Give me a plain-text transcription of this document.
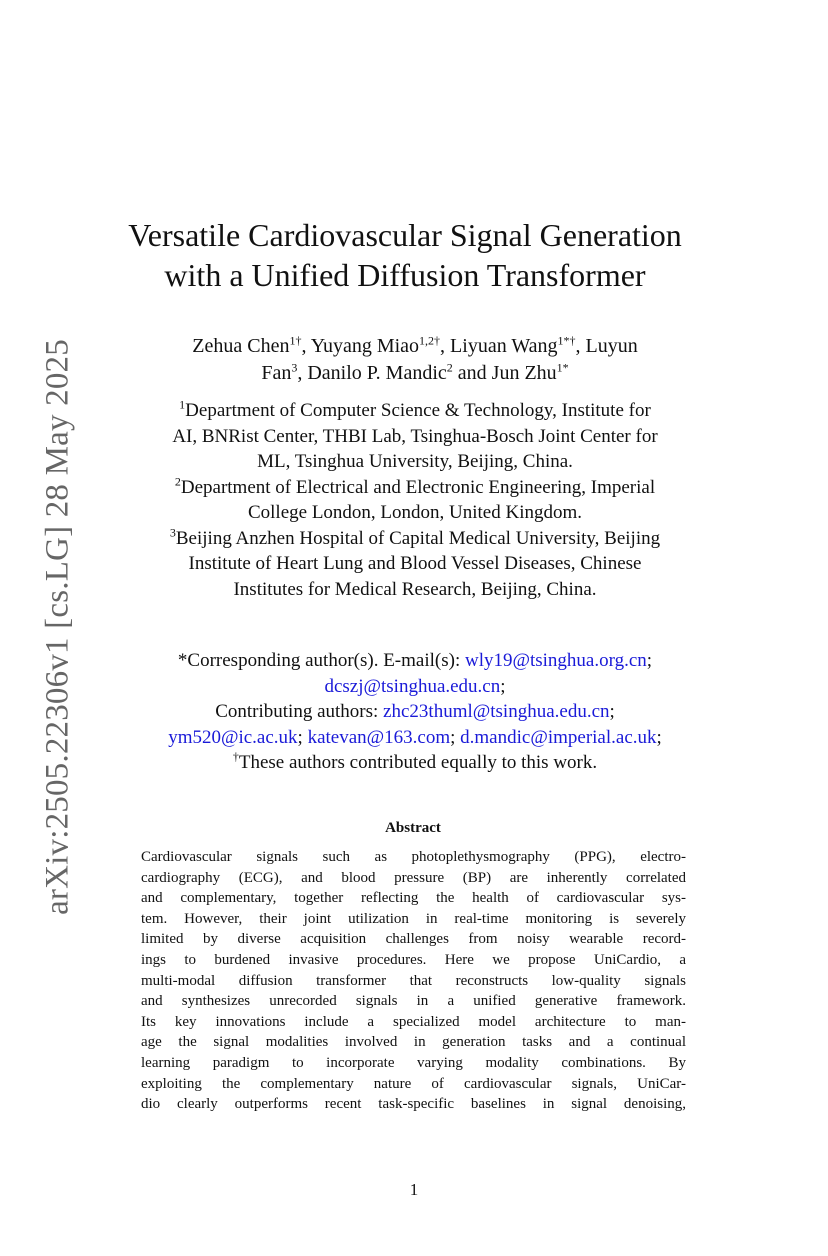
arXiv:2505.22306v1 [cs.LG] 28 May 2025
Versatile Cardiovascular Signal Generation
with a Unified Diffusion Transformer
Zehua Chen$^{1\dagger}$, Yuyang Miao$^{1,2\dagger}$, Liyuan Wang$^{1*\dagger}$, Luyun
Fan$^3$, Danilo P. Mandic$^2$ and Jun Zhu$^{1*}$
$^1$Department of Computer Science & Technology, Institute for
AI, BNRist Center, THBI Lab, Tsinghua-Bosch Joint Center for
ML, Tsinghua University, Beijing, China.
$^2$Department of Electrical and Electronic Engineering, Imperial
College London, London, United Kingdom.
$^3$Beijing Anzhen Hospital of Capital Medical University, Beijing
Institute of Heart Lung and Blood Vessel Diseases, Chinese
Institutes for Medical Research, Beijing, China.
*Corresponding author(s). E-mail(s): wly19@tsinghua.org.cn;
dcszj@tsinghua.edu.cn;
Contributing authors: zhc23thuml@tsinghua.edu.cn;
ym520@ic.ac.uk; katevan@163.com; d.mandic@imperial.ac.uk;
†These authors contributed equally to this work.
Abstract
Cardiovascular signals such as photoplethysmography (PPG), electro-
cardiography (ECG), and blood pressure (BP) are inherently correlated
and complementary, together reflecting the health of cardiovascular sys-
tem. However, their joint utilization in real-time monitoring is severely
limited by diverse acquisition challenges from noisy wearable record-
ings to burdened invasive procedures. Here we propose UniCardio, a
multi-modal diffusion transformer that reconstructs low-quality signals
and synthesizes unrecorded signals in a unified generative framework.
Its key innovations include a specialized model architecture to man-
age the signal modalities involved in generation tasks and a continual
learning paradigm to incorporate varying modality combinations. By
exploiting the complementary nature of cardiovascular signals, UniCar-
dio clearly outperforms recent task-specific baselines in signal denoising,
1
